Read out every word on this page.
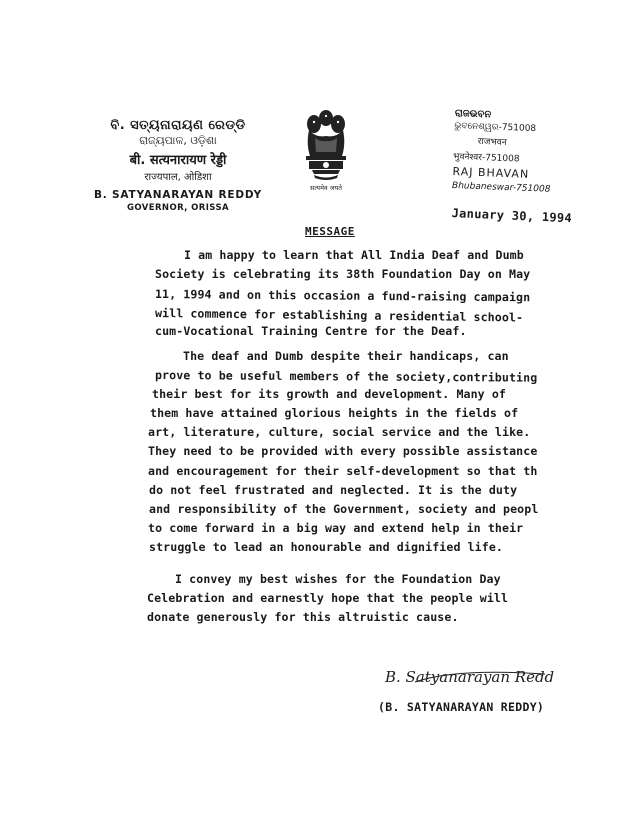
ବି. ସତ୍ୟନାରାୟଣ ରେଡ୍ଡି
ରାଜ୍ୟପାଳ, ଓଡ଼ିଶା
बी. सत्यनारायण रेड्डी
राज्यपाल, ओडिशा
B. SATYANARAYAN REDDY
GOVERNOR, ORISSA
सत्यमेव जयते
ରାଜଭବନ
ଭୁବନେଶ୍ୱର-751008
राजभवन
भुवनेश्वर-751008
RAJ BHAVAN
Bhubaneswar-751008
January 30, 1994
MESSAGE
I am happy to learn that All India Deaf and Dumb
Society is celebrating its 38th Foundation Day on May
11, 1994 and on this occasion a fund-raising campaign
will commence for establishing a residential school-
cum-Vocational Training Centre for the Deaf.
The deaf and Dumb despite their handicaps, can
prove to be useful members of the society,contributing
their best for its growth and development. Many of
them have attained glorious heights in the fields of
art, literature, culture, social service and the like.
They need to be provided with every possible assistance
and encouragement for their self-development so that th
do not feel frustrated and neglected. It is the duty
and responsibility of the Government, society and peopl
to come forward in a big way and extend help in their
struggle to lead an honourable and dignified life.
I convey my best wishes for the Foundation Day
Celebration and earnestly hope that the people will
donate generously for this altruistic cause.
B. Satyanarayan Redd
(B. SATYANARAYAN REDDY)
